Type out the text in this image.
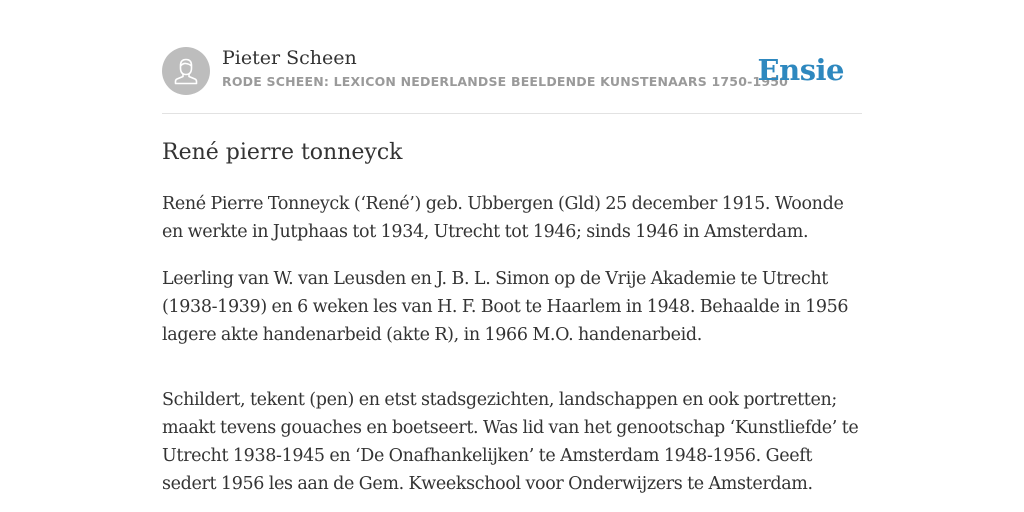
Pieter Scheen
RODE SCHEEN: LEXICON NEDERLANDSE BEELDENDE KUNSTENAARS 1750-1950
Ensie
René pierre tonneyck

René Pierre Tonneyck (‘René’) geb. Ubbergen (Gld) 25 december 1915. Woonde en werkte in Jutphaas tot 1934, Utrecht tot 1946; sinds 1946 in Amsterdam.

Leerling van W. van Leusden en J. B. L. Simon op de Vrije Akademie te Utrecht (1938-1939) en 6 weken les van H. F. Boot te Haarlem in 1948. Behaalde in 1956 lagere akte handenarbeid (akte R), in 1966 M.O. handenarbeid.

Schildert, tekent (pen) en etst stadsgezichten, landschappen en ook portretten; maakt tevens gouaches en boetseert. Was lid van het genootschap ‘Kunstliefde’ te Utrecht 1938-1945 en ‘De Onafhankelijken’ te Amsterdam 1948-1956. Geeft sedert 1956 les aan de Gem. Kweekschool voor Onderwijzers te Amsterdam.
